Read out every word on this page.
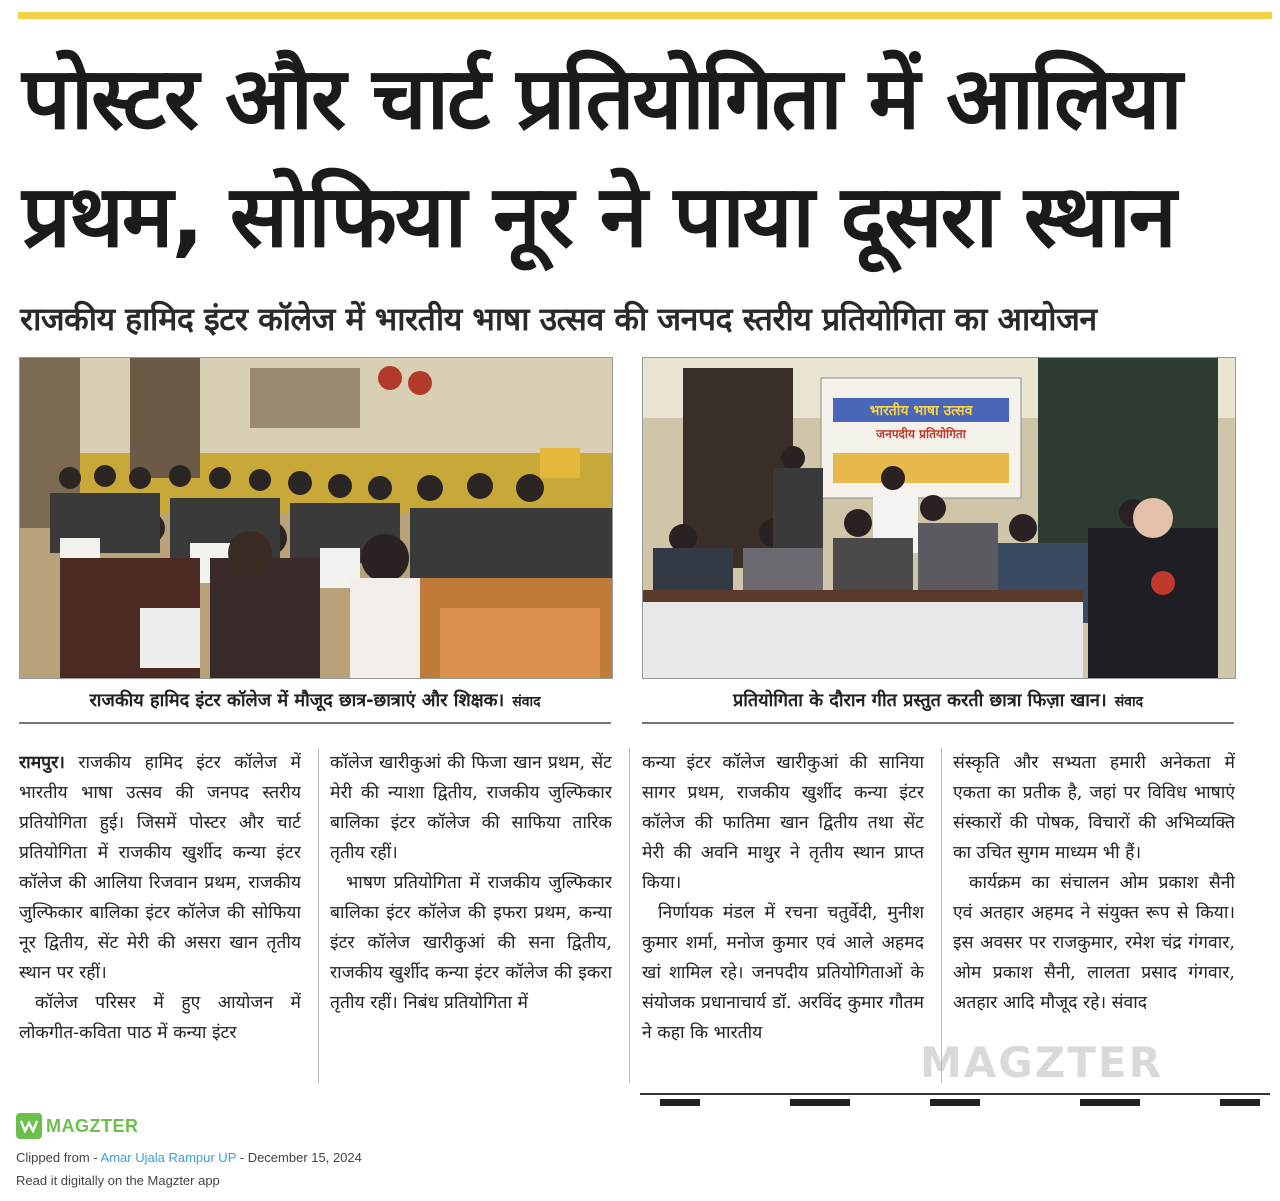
पोस्टर और चार्ट प्रतियोगिता में आलिया
प्रथम, सोफिया नूर ने पाया दूसरा स्थान
राजकीय हामिद इंटर कॉलेज में भारतीय भाषा उत्सव की जनपद स्तरीय प्रतियोगिता का आयोजन
भारतीय भाषा उत्सव
जनपदीय प्रतियोगिता
राजकीय हामिद इंटर कॉलेज में मौजूद छात्र-छात्राएं और शिक्षक। संवाद	प्रतियोगिता के दौरान गीत प्रस्तुत करती छात्रा फिज़ा खान। संवाद

रामपुर। राजकीय हामिद इंटर कॉलेज में भारतीय भाषा उत्सव की जनपद स्तरीय प्रतियोगिता हुई। जिसमें पोस्टर और चार्ट प्रतियोगिता में राजकीय खुर्शीद कन्या इंटर कॉलेज की आलिया रिजवान प्रथम, राजकीय जुल्फिकार बालिका इंटर कॉलेज की सोफिया नूर द्वितीय, सेंट मेरी की असरा खान तृतीय स्थान पर रहीं।

कॉलेज परिसर में हुए आयोजन में लोकगीत-कविता पाठ में कन्या इंटर

कॉलेज खारीकुआं की फिजा खान प्रथम, सेंट मेरी की न्याशा द्वितीय, राजकीय जुल्फिकार बालिका इंटर कॉलेज की साफिया तारिक तृतीय रहीं।

भाषण प्रतियोगिता में राजकीय जुल्फिकार बालिका इंटर कॉलेज की इफरा प्रथम, कन्या इंटर कॉलेज खारीकुआं की सना द्वितीय, राजकीय खुर्शीद कन्या इंटर कॉलेज की इकरा तृतीय रहीं। निबंध प्रतियोगिता में

कन्या इंटर कॉलेज खारीकुआं की सानिया सागर प्रथम, राजकीय खुर्शीद कन्या इंटर कॉलेज की फातिमा खान द्वितीय तथा सेंट मेरी की अवनि माथुर ने तृतीय स्थान प्राप्त किया।

निर्णायक मंडल में रचना चतुर्वेदी, मुनीश कुमार शर्मा, मनोज कुमार एवं आले अहमद खां शामिल रहे। जनपदीय प्रतियोगिताओं के संयोजक प्रधानाचार्य डॉ. अरविंद कुमार गौतम ने कहा कि भारतीय

संस्कृति और सभ्यता हमारी अनेकता में एकता का प्रतीक है, जहां पर विविध भाषाएं संस्कारों की पोषक, विचारों की अभिव्यक्ति का उचित सुगम माध्यम भी हैं।

कार्यक्रम का संचालन ओम प्रकाश सैनी एवं अतहार अहमद ने संयुक्त रूप से किया। इस अवसर पर राजकुमार, रमेश चंद्र गंगवार, ओम प्रकाश सैनी, लालता प्रसाद गंगवार, अतहार आदि मौजूद रहे। संवाद

MAGZTER
MAGZTER
Clipped from - Amar Ujala Rampur UP - December 15, 2024
Read it digitally on the Magzter app
